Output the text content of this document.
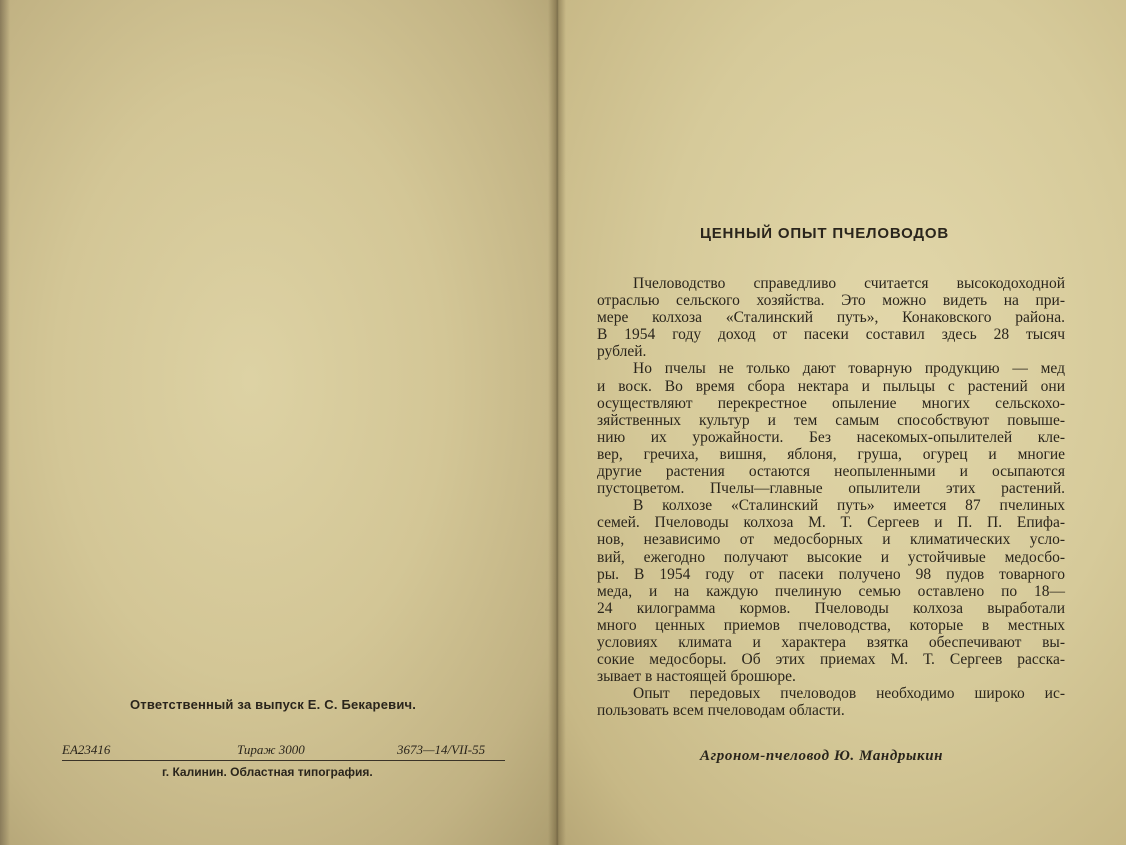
Ответственный за выпуск Е. С. Бекаревич.
ЕА23416	Тираж 3000	3673—14/VII-55
г. Калинин. Областная типография.
ЦЕННЫЙ ОПЫТ ПЧЕЛОВОДОВ
Пчеловодство справедливо считается высокодоходной
отраслью сельского хозяйства. Это можно видеть на при-
мере колхоза «Сталинский путь», Конаковского района.
В 1954 году доход от пасеки составил здесь 28 тысяч
рублей.
Но пчелы не только дают товарную продукцию — мед
и воск. Во время сбора нектара и пыльцы с растений они
осуществляют перекрестное опыление многих сельскохо-
зяйственных культур и тем самым способствуют повыше-
нию их урожайности. Без насекомых-опылителей кле-
вер, гречиха, вишня, яблоня, груша, огурец и многие
другие растения остаются неопыленными и осыпаются
пустоцветом. Пчелы—главные опылители этих растений.
В колхозе «Сталинский путь» имеется 87 пчелиных
семей. Пчеловоды колхоза М. Т. Сергеев и П. П. Епифа-
нов, независимо от медосборных и климатических усло-
вий, ежегодно получают высокие и устойчивые медосбо-
ры. В 1954 году от пасеки получено 98 пудов товарного
меда, и на каждую пчелиную семью оставлено по 18—
24 килограмма кормов. Пчеловоды колхоза выработали
много ценных приемов пчеловодства, которые в местных
условиях климата и характера взятка обеспечивают вы-
сокие медосборы. Об этих приемах М. Т. Сергеев расска-
зывает в настоящей брошюре.
Опыт передовых пчеловодов необходимо широко ис-
пользовать всем пчеловодам области.
Агроном-пчеловод Ю. Мандрыкин
